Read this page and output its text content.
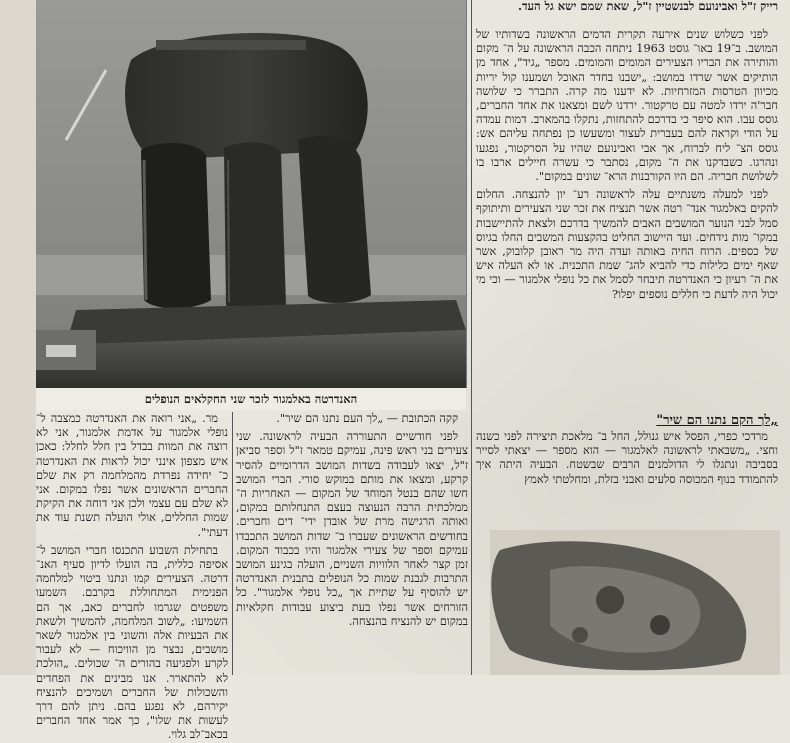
האנדרטה באלמגור לזכר שני החקלאים הנופלים
רייק ז"ל ואבינועם לבנשטיין ז"ל, שאת שמם ישא גל העד.

לפני כשלוש שנים אירעה תקרית הדמים הראשונה בשדותיו של המושב. ב־19 באו־ גוסט 1963 ניתחה הכבה הראשונה על ה־ מקום והותירה את הבריו הצעירים המומים והמומים. מספר „גיד", אחד מן הותיקים אשר שרדו במושב: „ישבנו בחדר האוכל ושמענו קול יריות מכיוון הטרסות המזרחיות. לא ידענו מה קרה. התברר כי שלושה חבר'ה ירדו למטה עם טרקטור. ירדנו לשם ומצאנו את אחד החברים, גוסס עבו. הוא סיפר כי בדרכם להתחזות, נתקלו בהמארב. דמות עמדה על הודי וקראה להם בעברית לעצור ומשעשו כן נפתחה עליהם אש: גוסס הצ־ ליח לברוח, אך אבי ואבינועם שהיו על הסרקטור, נפגעו ונהרגו. כשבדקנו את ה־ מקום, נסתבר כי עשרה חיילים ארבו בו לשלושת חבריה. הם היו הקורבנות הרא־ שונים במקום".

לפני למעלה משנתיים עלה לראשונה רע־ יון להנצחה. החלום להקים באלמגור אנד־ רטה אשר תנציח את זכר שני הצעירים ותיתוקף סמל לבני הנוער המושבים האבים להמשיך בדרכם ולצאת להתיישבות במקו־ מות נידחים. ועד היישוב החליט בהקצעות המשבים החלו בגיוס של כספים. הרוח החיה באותה ועדה היה מר ראובן קלובוק, אשר שאף ימים כלילות כדי להביא להג־ שמת התכנית. או לא העלה איש את ה־ רעיון כי האנדרטה תיבחר לסמל את כל נופלי אלמגור — וכי מי יכול היה לדעת כי חללים נוספים יפלו?

„לך הקם נתנו הם שיר"

מרדכי כפרי, הפסל איש גנולל, החל ב־ מלאכת תיצירה לפני כשנה וחצי. „משבאתי לראשונה לאלמגור — הוא מספר — יצאתי לסייר בסביבה ונתגלו לי הדולמנים הרבים שבשטח. הבעיה היתה איך להתמודד בנוף המכוסה סלעים ואבני בזלת, ומחלטתי לאמץ

קקה הכתובת — „לך העם נתנו הם שיר".

לפני חודשיים התעוררה הבעיה לראשונה. שני צעירים בני ראש פינה, עמיקם טמאר ז"ל וספר סביאן ז"ל, יצאו לעבודה בשדות המושב הדרומיים להסיר קרקע, ומצאו את מותם במוקש סורי. הברי המושב חשו שהם בנטל המוחד של המקום — האחריות ה־ ממלכתית הרבה הנעוצה בעצם התנחלותם במקום, ואותה הרגישה מרת של אובדן ידי־ דים וחברים. בחודשים הראשונים שעברו ב־ שדות המושב התכבדו עמיקם וספר של צעירי אלמגור והיו בכבוד המקום. זמן קצר לאחר הלוויות השניים, הועלה בגינע המושב התרבות לגבנת שמות כל הנופלים בתבנית האנדרטה יש להוסיף על שתיית אך „כל נופלי אלמגור". כל הזורחים אשר נפלו בעת ביצוע עבודות חקלאיות במקום יש להנציח בהנצחה.

מר. „אני רואה את האנדרטה כמצבה ל־ נופלי אלמגור על אדמת אלמגור, אני לא רוצה את המוות בבדל בין חלל לחלל: כאכן איש מצפון אינני יכול לראות את האנדרטה כ־ יחידה נפרדת מהמלחמה רק את שלם החברים הראשונים אשר נפלו במקום. אני לא שלם עם עצמי ולכן אני דוחה את הקיקת שמות החללים, אולי הועלה תשנת עוד את דעתי".

בתחילת השבוע התכנסו חברי המושב ל־ אסיפה כללית, בה הועלו לדיון סעיף האנ־ דרטה. הצעירים קמו ונתנו ביטוי למלחמה הפנימית המתחוללת בקרבם. השמעו משפטים שגרמו לחברים כאב, אך הם השמיעו: „לשוב המלחמה, להמשיך ולשאת את הבעיות אלה והשוני בין אלמגור לשאר מושבים, נבצר מן הוויכוח — לא לעבור לקרע ולפגיעה בהורים ה־ שכולים. „הולכת לא להתארר. אנו מבינים את הפחדים והשכולות של החברים ושמיכים להנציח יקירהם, לא נפגע בהם. ניתן להם דרך לעשות את שלו", כך אמר אחד החברים בכאב־לב גלוי.
